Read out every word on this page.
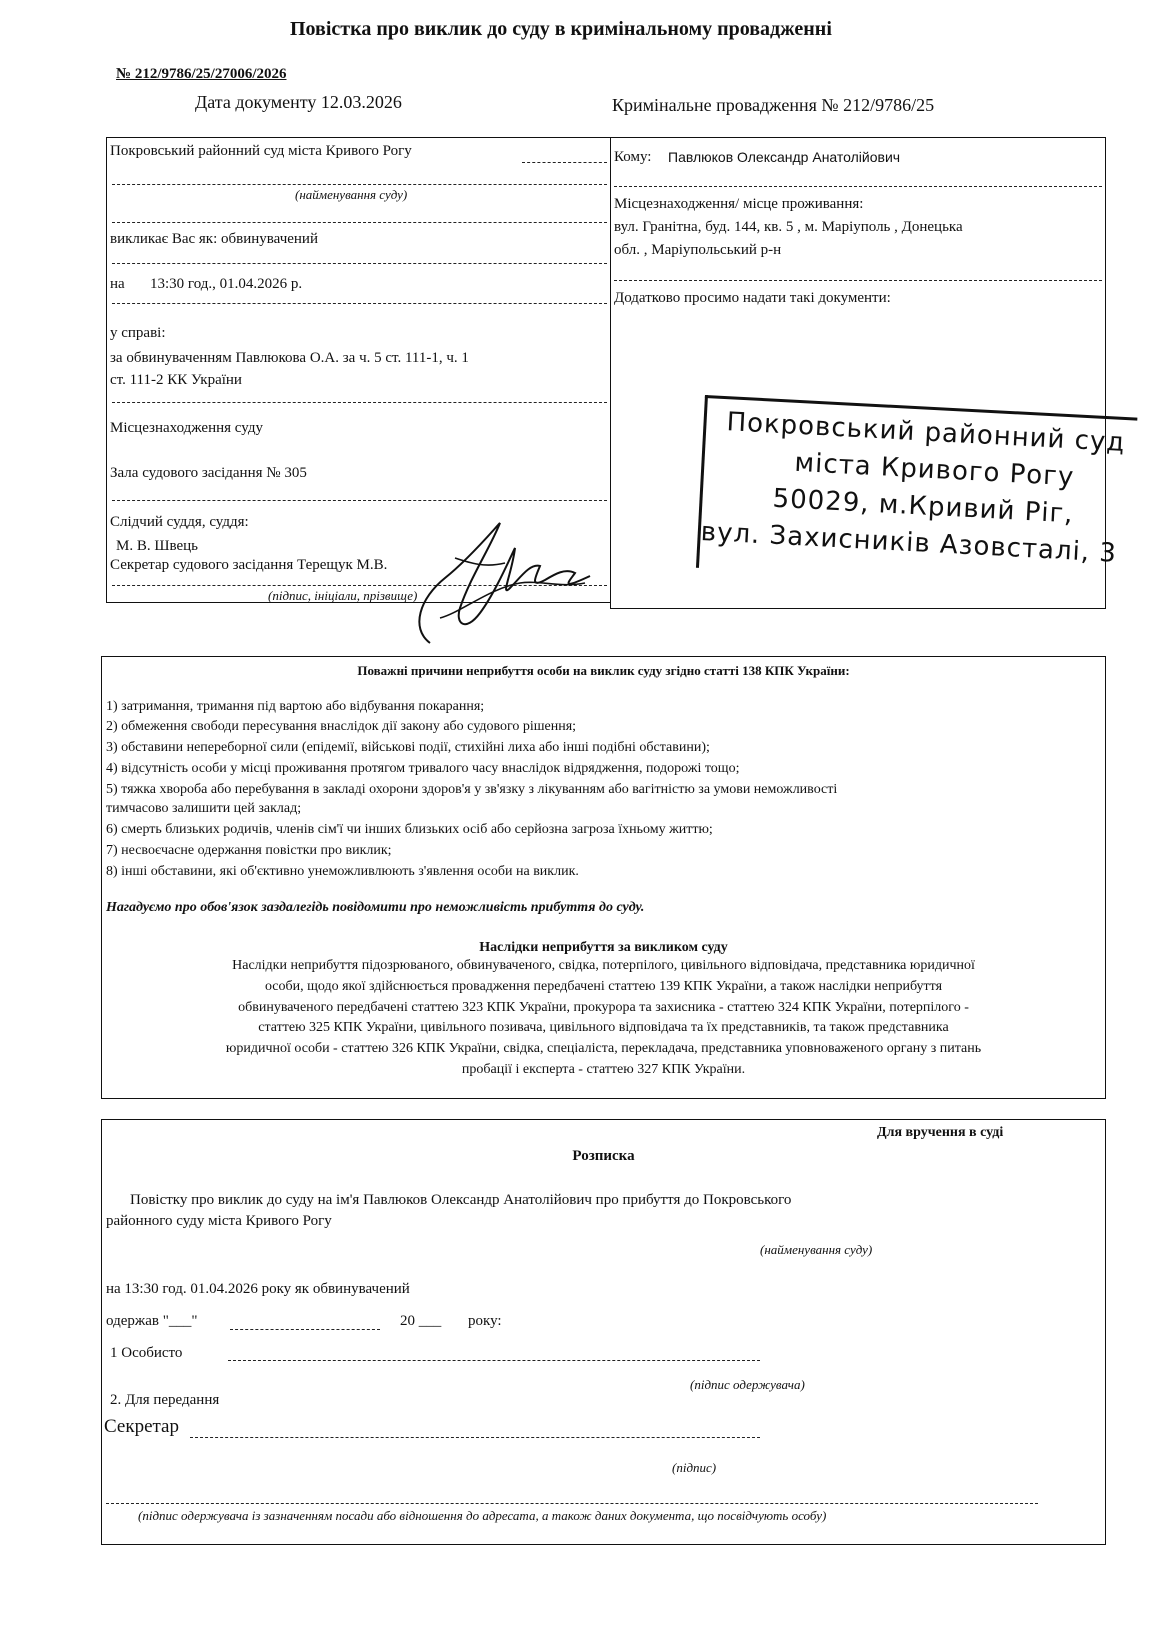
Повістка про виклик до суду в кримінальному провадженні
№ 212/9786/25/27006/2026
Дата документу 12.03.2026	Кримінальне провадження № 212/9786/25
Покровський районний суд міста Кривого Рогу
(найменування суду)
викликає Вас як: обвинувачений
на 13:30 год., 01.04.2026 р.
у справі:
за обвинуваченням Павлюкова О.А. за ч. 5 ст. 111-1, ч. 1
ст. 111-2 КК України
Місцезнаходження суду
Зала судового засідання № 305
Слідчий суддя, суддя:
М. В. Швець
Секретар судового засідання Терещук М.В.
(підпис, ініціали, прізвище)
Кому: Павлюков Олександр Анатолійович
Місцезнаходження/ місце проживання:
вул. Гранітна, буд. 144, кв. 5 , м. Маріуполь , Донецька
обл. , Маріупольський р-н
Додатково просимо надати такі документи:
Покровський районний суд
міста Кривого Рогу
50029, м.Кривий Ріг,
вул. Захисників Азовсталі, 3
Поважні причини неприбуття особи на виклик суду згідно статті 138 КПК України:
1) затримання, тримання під вартою або відбування покарання;
2) обмеження свободи пересування внаслідок дії закону або судового рішення;
3) обставини непереборної сили (епідемії, військові події, стихійні лиха або інші подібні обставини);
4) відсутність особи у місці проживання протягом тривалого часу внаслідок відрядження, подорожі тощо;
5) тяжка хвороба або перебування в закладі охорони здоров'я у зв'язку з лікуванням або вагітністю за умови неможливості
тимчасово залишити цей заклад;
6) смерть близьких родичів, членів сім'ї чи інших близьких осіб або серйозна загроза їхньому життю;
7) несвоєчасне одержання повістки про виклик;
8) інші обставини, які об'єктивно унеможливлюють з'явлення особи на виклик.
Нагадуємо про обов'язок заздалегідь повідомити про неможливість прибуття до суду.
Наслідки неприбуття за викликом суду
Наслідки неприбуття підозрюваного, обвинуваченого, свідка, потерпілого, цивільного відповідача, представника юридичної
особи, щодо якої здійснюється провадження передбачені статтею 139 КПК України, а також наслідки неприбуття
обвинуваченого передбачені статтею 323 КПК України, прокурора та захисника - статтею 324 КПК України, потерпілого -
статтею 325 КПК України, цивільного позивача, цивільного відповідача та їх представників, та також представника
юридичної особи - статтею 326 КПК України, свідка, спеціаліста, перекладача, представника уповноваженого органу з питань
пробації і експерта - статтею 327 КПК України.
Для вручення в суді
Розписка
Повістку про виклик до суду на ім'я Павлюков Олександр Анатолійович про прибуття до Покровського
районного суду міста Кривого Рогу
(найменування суду)
на 13:30 год. 01.04.2026 року як обвинувачений
одержав "___"	20 ___ року:
1 Особисто
(підпис одержувача)
2. Для передання
Секретар
(підпис)
(підпис одержувача із зазначенням посади або відношення до адресата, а також даних документа, що посвідчують особу)
